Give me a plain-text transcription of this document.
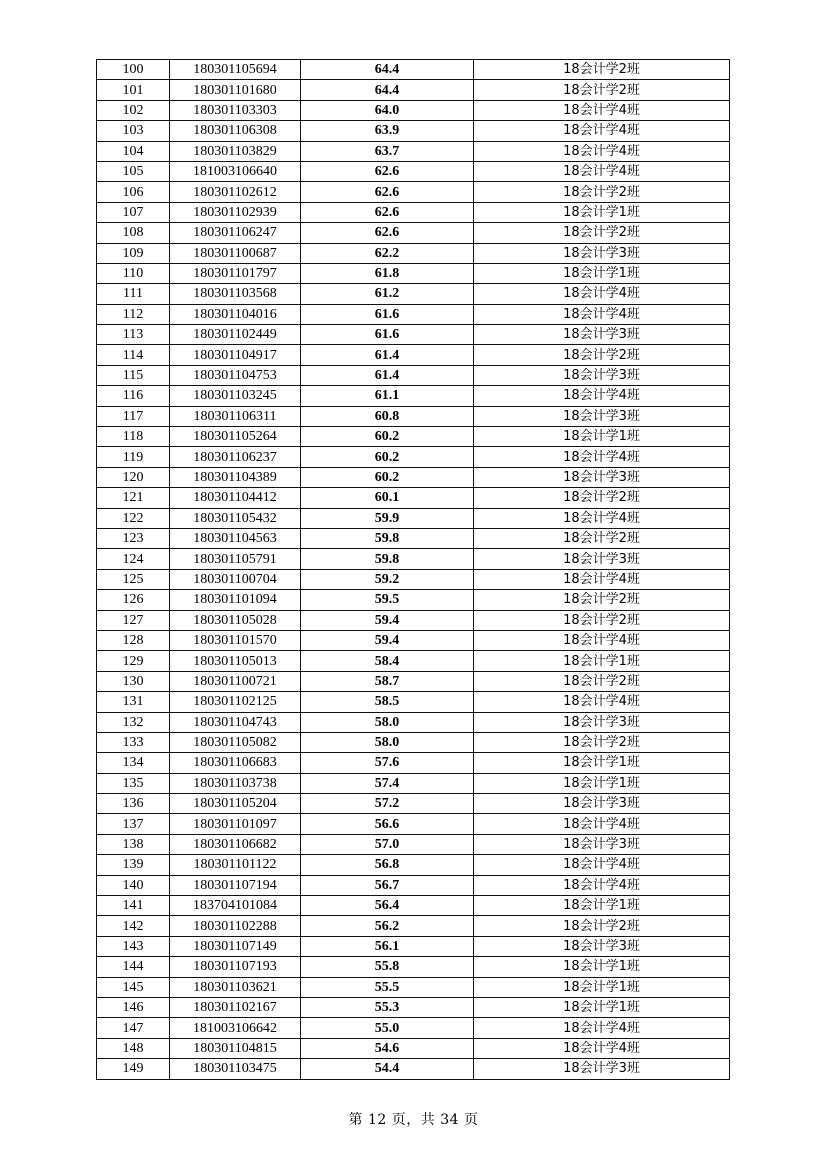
100	180301105694	64.4	18会计学2班
101	180301101680	64.4	18会计学2班
102	180301103303	64.0	18会计学4班
103	180301106308	63.9	18会计学4班
104	180301103829	63.7	18会计学4班
105	181003106640	62.6	18会计学4班
106	180301102612	62.6	18会计学2班
107	180301102939	62.6	18会计学1班
108	180301106247	62.6	18会计学2班
109	180301100687	62.2	18会计学3班
110	180301101797	61.8	18会计学1班
111	180301103568	61.2	18会计学4班
112	180301104016	61.6	18会计学4班
113	180301102449	61.6	18会计学3班
114	180301104917	61.4	18会计学2班
115	180301104753	61.4	18会计学3班
116	180301103245	61.1	18会计学4班
117	180301106311	60.8	18会计学3班
118	180301105264	60.2	18会计学1班
119	180301106237	60.2	18会计学4班
120	180301104389	60.2	18会计学3班
121	180301104412	60.1	18会计学2班
122	180301105432	59.9	18会计学4班
123	180301104563	59.8	18会计学2班
124	180301105791	59.8	18会计学3班
125	180301100704	59.2	18会计学4班
126	180301101094	59.5	18会计学2班
127	180301105028	59.4	18会计学2班
128	180301101570	59.4	18会计学4班
129	180301105013	58.4	18会计学1班
130	180301100721	58.7	18会计学2班
131	180301102125	58.5	18会计学4班
132	180301104743	58.0	18会计学3班
133	180301105082	58.0	18会计学2班
134	180301106683	57.6	18会计学1班
135	180301103738	57.4	18会计学1班
136	180301105204	57.2	18会计学3班
137	180301101097	56.6	18会计学4班
138	180301106682	57.0	18会计学3班
139	180301101122	56.8	18会计学4班
140	180301107194	56.7	18会计学4班
141	183704101084	56.4	18会计学1班
142	180301102288	56.2	18会计学2班
143	180301107149	56.1	18会计学3班
144	180301107193	55.8	18会计学1班
145	180301103621	55.5	18会计学1班
146	180301102167	55.3	18会计学1班
147	181003106642	55.0	18会计学4班
148	180301104815	54.6	18会计学4班
149	180301103475	54.4	18会计学3班
第 12 页，共 34 页
